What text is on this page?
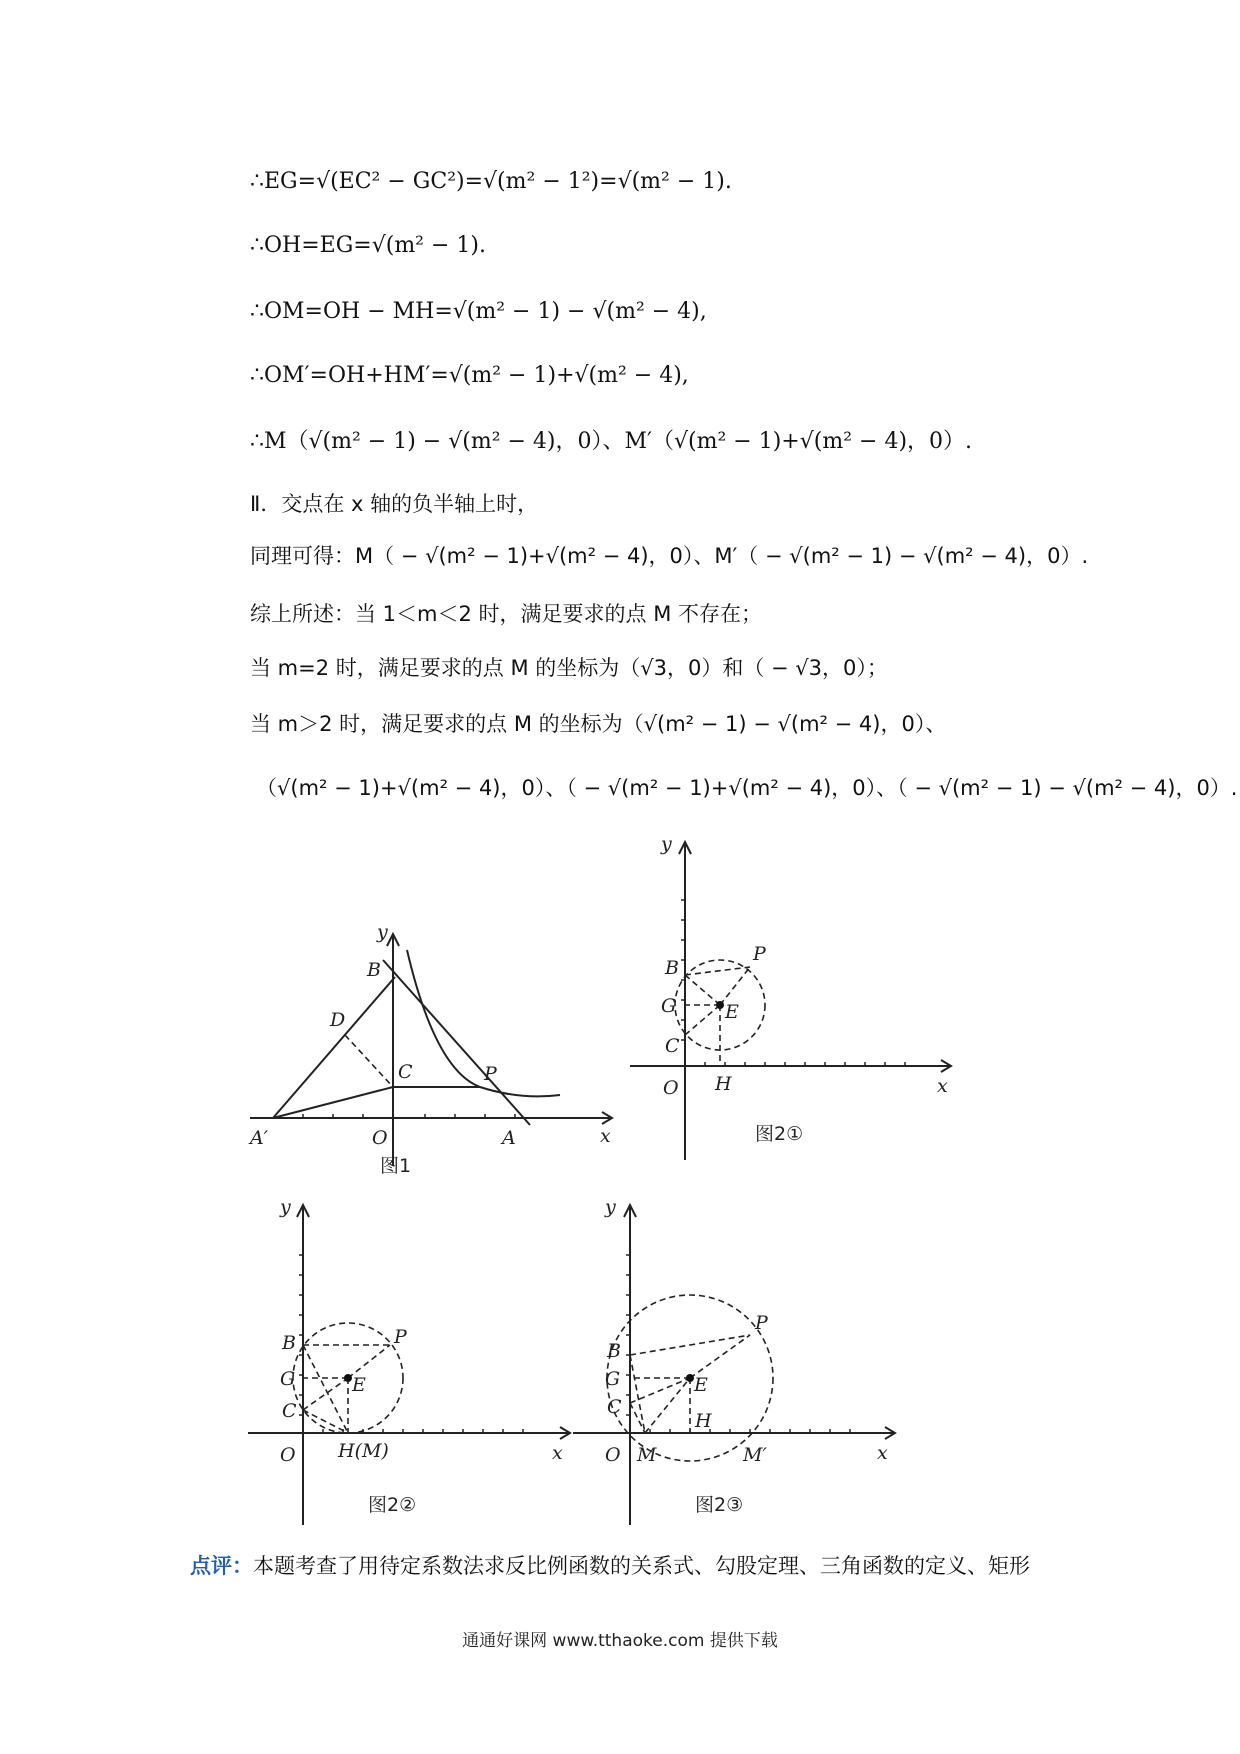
∴EG=√(EC² − GC²)=√(m² − 1²)=√(m² − 1).
∴OH=EG=√(m² − 1).
∴OM=OH − MH=√(m² − 1) − √(m² − 4),
∴OM′=OH+HM′=√(m² − 1)+√(m² − 4),
∴M（√(m² − 1) − √(m² − 4)，0）、M′（√(m² − 1)+√(m² − 4)，0）.
Ⅱ．交点在 x 轴的负半轴上时，
同理可得：M（ − √(m² − 1)+√(m² − 4)，0）、M′（ − √(m² − 1) − √(m² − 4)，0）.
综上所述：当 1＜m＜2 时，满足要求的点 M 不存在；
当 m=2 时，满足要求的点 M 的坐标为（√3，0）和（ − √3，0）；
当 m＞2 时，满足要求的点 M 的坐标为（√(m² − 1) − √(m² − 4)，0）、
（√(m² − 1)+√(m² − 4)，0）、（ − √(m² − 1)+√(m² − 4)，0）、（ − √(m² − 1) − √(m² − 4)，0）.
y
x
B
D
C	P
A′	O	A
图1
y
x
B
P
G	E
C
O H
图2①
y
x
B	P
G	E
C
O H(M)
图2②
y
x
B
P
G	E
C
O M
H
M′
图2③
点评：本题考查了用待定系数法求反比例函数的关系式、勾股定理、三角函数的定义、矩形
通通好课网 www.tthaoke.com 提供下载
